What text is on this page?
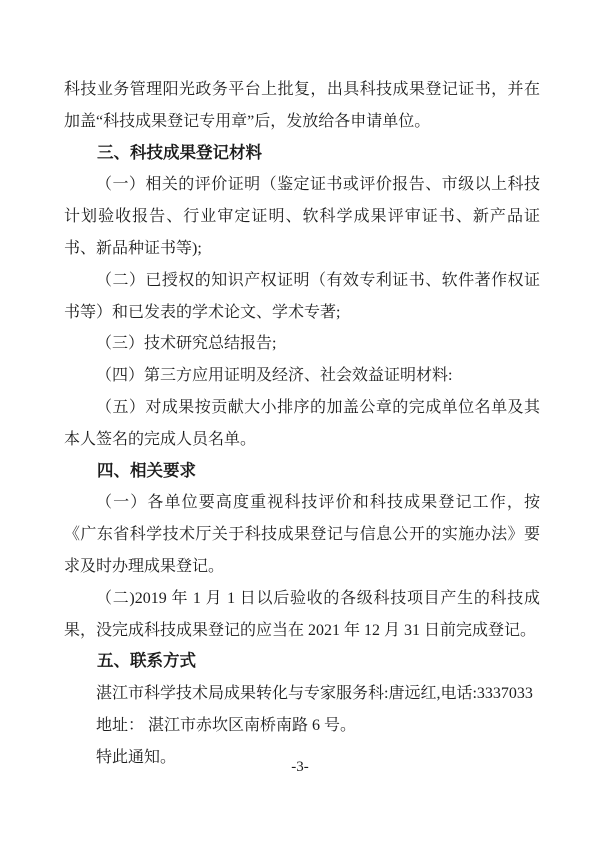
科技业务管理阳光政务平台上批复，出具科技成果登记证书，并在加盖“科技成果登记专用章”后，发放给各申请单位。

三、科技成果登记材料

（一）相关的评价证明（鉴定证书或评价报告、市级以上科技计划验收报告、行业审定证明、软科学成果评审证书、新产品证书、新品种证书等);

（二）已授权的知识产权证明（有效专利证书、软件著作权证书等）和已发表的学术论文、学术专著;

（三）技术研究总结报告;

（四）第三方应用证明及经济、社会效益证明材料:

（五）对成果按贡献大小排序的加盖公章的完成单位名单及其本人签名的完成人员名单。

四、相关要求

（一）各单位要高度重视科技评价和科技成果登记工作，按《广东省科学技术厅关于科技成果登记与信息公开的实施办法》要求及时办理成果登记。

（二)2019 年 1 月 1 日以后验收的各级科技项目产生的科技成果，没完成科技成果登记的应当在 2021 年 12 月 31 日前完成登记。

五、联系方式

湛江市科学技术局成果转化与专家服务科:唐远红,电话:3337033

地址： 湛江市赤坎区南桥南路 6 号。

特此通知。

-3-
